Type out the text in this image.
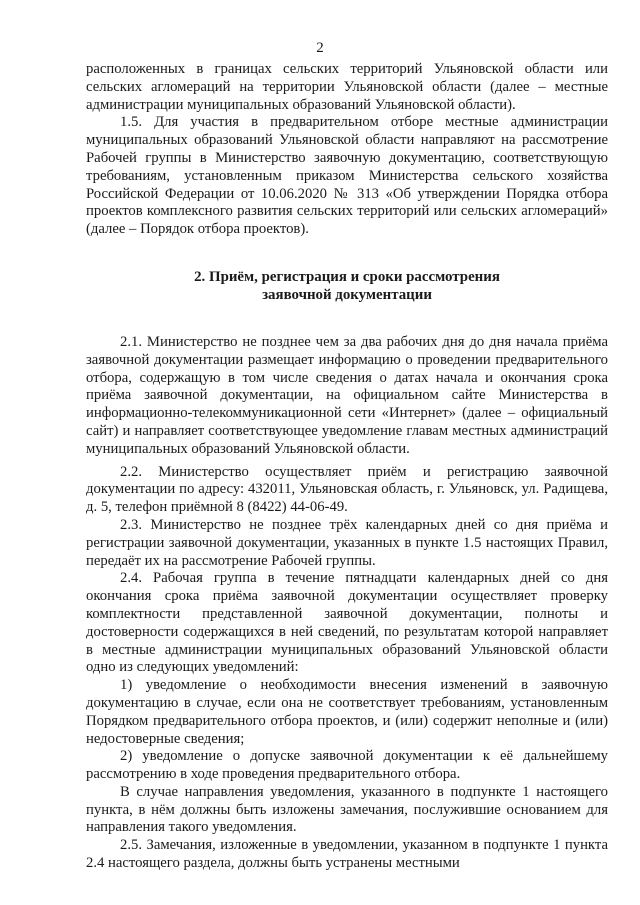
2

расположенных в границах сельских территорий Ульяновской области или сельских агломераций на территории Ульяновской области (далее – местные администрации муниципальных образований Ульяновской области).

1.5. Для участия в предварительном отборе местные администрации муниципальных образований Ульяновской области направляют на рассмотрение Рабочей группы в Министерство заявочную документацию, соответствующую требованиям, установленным приказом Министерства сельского хозяйства Российской Федерации от 10.06.2020 № 313 «Об утверждении Порядка отбора проектов комплексного развития сельских территорий или сельских агломераций» (далее – Порядок отбора проектов).

2. Приём, регистрация и сроки рассмотрения
заявочной документации

2.1. Министерство не позднее чем за два рабочих дня до дня начала приёма заявочной документации размещает информацию о проведении предварительного отбора, содержащую в том числе сведения о датах начала и окончания срока приёма заявочной документации, на официальном сайте Министерства в информационно-телекоммуникационной сети «Интернет» (далее – официальный сайт) и направляет соответствующее уведомление главам местных администраций муниципальных образований Ульяновской области.

2.2. Министерство осуществляет приём и регистрацию заявочной документации по адресу: 432011, Ульяновская область, г. Ульяновск, ул. Радищева, д. 5, телефон приёмной 8 (8422) 44-06-49.

2.3. Министерство не позднее трёх календарных дней со дня приёма и регистрации заявочной документации, указанных в пункте 1.5 настоящих Правил, передаёт их на рассмотрение Рабочей группы.

2.4. Рабочая группа в течение пятнадцати календарных дней со дня окончания срока приёма заявочной документации осуществляет проверку комплектности представленной заявочной документации, полноты и достоверности содержащихся в ней сведений, по результатам которой направляет в местные администрации муниципальных образований Ульяновской области одно из следующих уведомлений:

1) уведомление о необходимости внесения изменений в заявочную документацию в случае, если она не соответствует требованиям, установленным Порядком предварительного отбора проектов, и (или) содержит неполные и (или) недостоверные сведения;

2) уведомление о допуске заявочной документации к её дальнейшему рассмотрению в ходе проведения предварительного отбора.

В случае направления уведомления, указанного в подпункте 1 настоящего пункта, в нём должны быть изложены замечания, послужившие основанием для направления такого уведомления.

2.5. Замечания, изложенные в уведомлении, указанном в подпункте 1 пункта 2.4 настоящего раздела, должны быть устранены местными
